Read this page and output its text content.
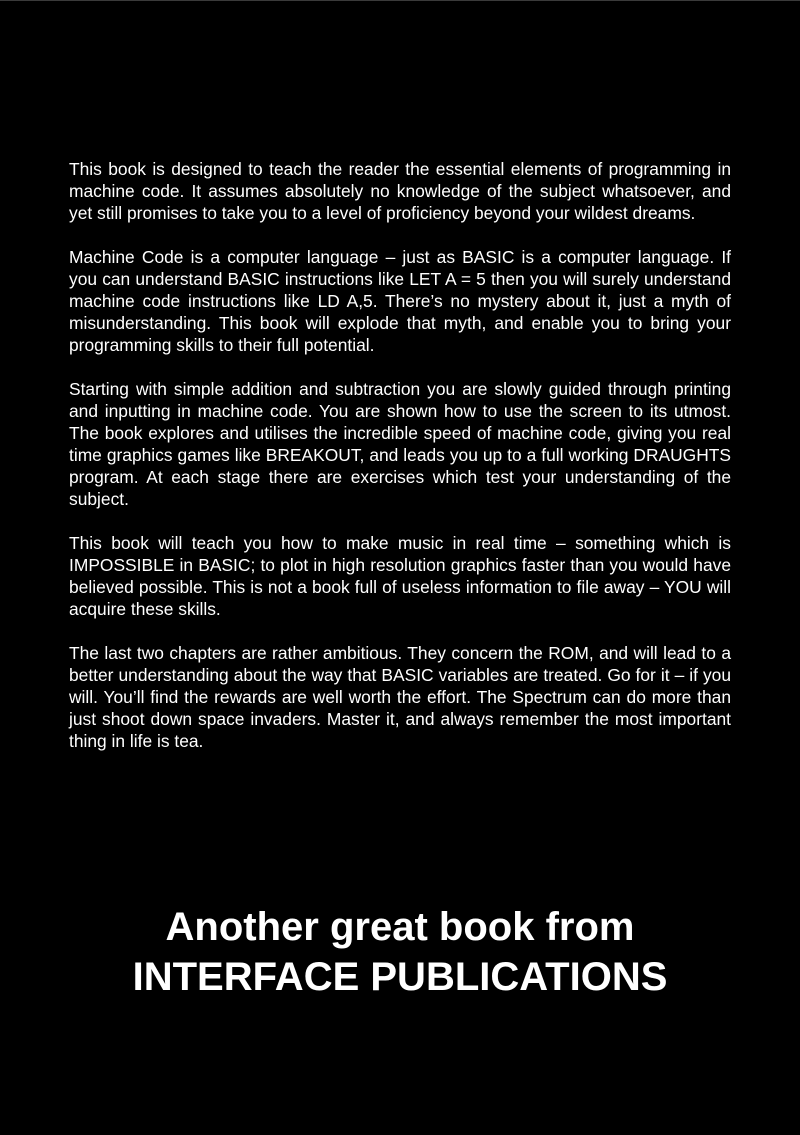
This book is designed to teach the reader the essential elements of programming in machine code. It assumes absolutely no knowledge of the subject whatsoever, and yet still promises to take you to a level of proficiency beyond your wildest dreams.

Machine Code is a computer language – just as BASIC is a computer language. If you can understand BASIC instructions like LET A = 5 then you will surely understand machine code instructions like LD A,5. There’s no mystery about it, just a myth of misunderstanding. This book will explode that myth, and enable you to bring your programming skills to their full potential.

Starting with simple addition and subtraction you are slowly guided through printing and inputting in machine code. You are shown how to use the screen to its utmost. The book explores and utilises the incredible speed of machine code, giving you real time graphics games like BREAKOUT, and leads you up to a full working DRAUGHTS program. At each stage there are exercises which test your understanding of the subject.

This book will teach you how to make music in real time – something which is IMPOSSIBLE in BASIC; to plot in high resolution graphics faster than you would have believed possible. This is not a book full of useless information to file away – YOU will acquire these skills.

The last two chapters are rather ambitious. They concern the ROM, and will lead to a better understanding about the way that BASIC variables are treated. Go for it – if you will. You’ll find the rewards are well worth the effort. The Spectrum can do more than just shoot down space invaders. Master it, and always remember the most important thing in life is tea.

Another great book from
INTERFACE PUBLICATIONS
